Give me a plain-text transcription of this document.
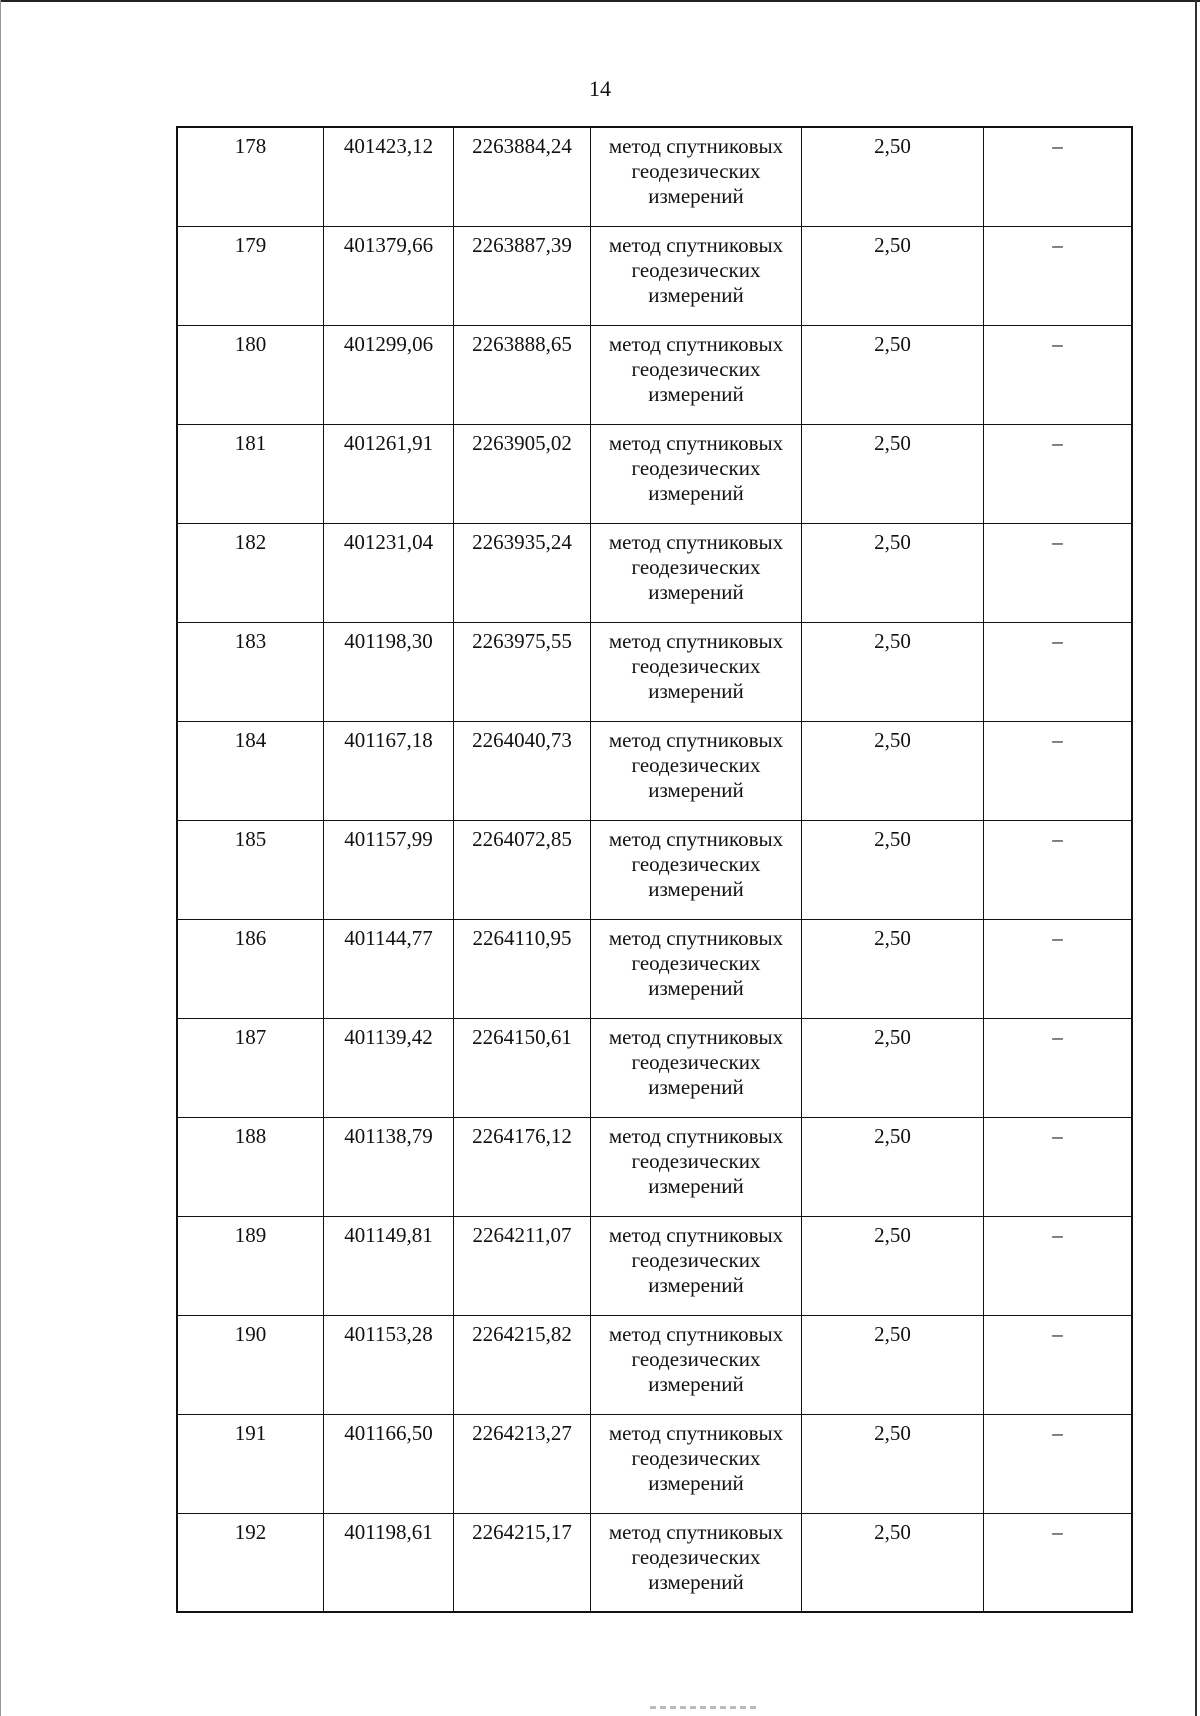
14
178	401423,12	2263884,24	метод спутниковых геодезических измерений	2,50	–
179	401379,66	2263887,39	метод спутниковых геодезических измерений	2,50	–
180	401299,06	2263888,65	метод спутниковых геодезических измерений	2,50	–
181	401261,91	2263905,02	метод спутниковых геодезических измерений	2,50	–
182	401231,04	2263935,24	метод спутниковых геодезических измерений	2,50	–
183	401198,30	2263975,55	метод спутниковых геодезических измерений	2,50	–
184	401167,18	2264040,73	метод спутниковых геодезических измерений	2,50	–
185	401157,99	2264072,85	метод спутниковых геодезических измерений	2,50	–
186	401144,77	2264110,95	метод спутниковых геодезических измерений	2,50	–
187	401139,42	2264150,61	метод спутниковых геодезических измерений	2,50	–
188	401138,79	2264176,12	метод спутниковых геодезических измерений	2,50	–
189	401149,81	2264211,07	метод спутниковых геодезических измерений	2,50	–
190	401153,28	2264215,82	метод спутниковых геодезических измерений	2,50	–
191	401166,50	2264213,27	метод спутниковых геодезических измерений	2,50	–
192	401198,61	2264215,17	метод спутниковых геодезических измерений	2,50	–
